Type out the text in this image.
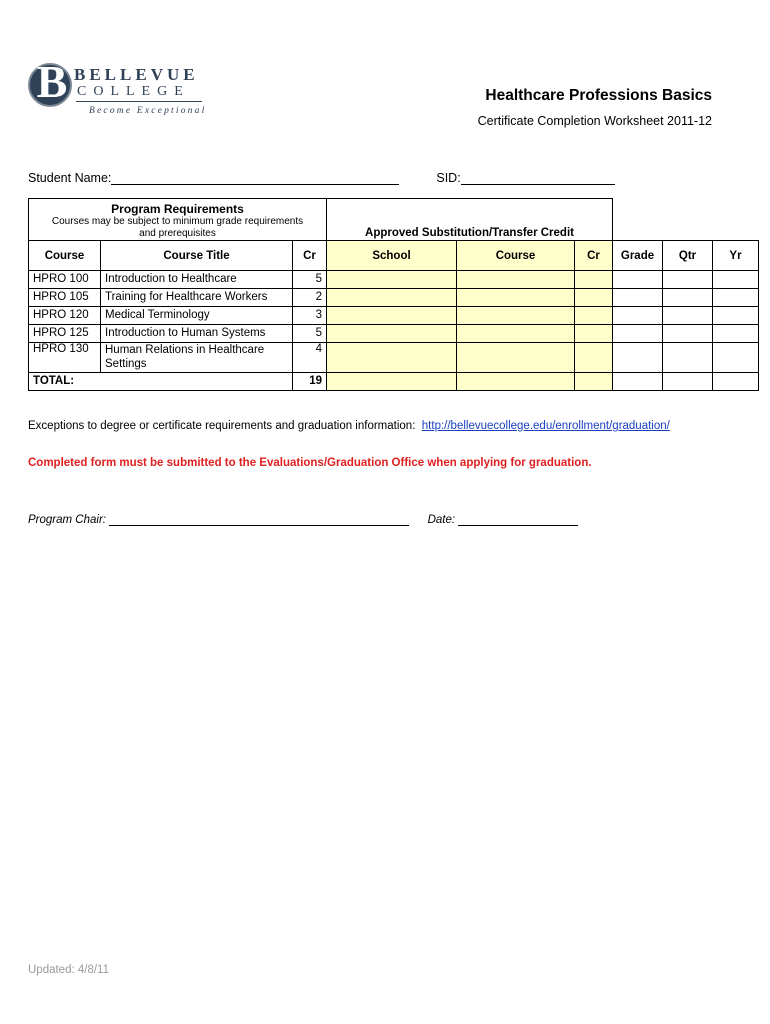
B BELLEVUE
COLLEGE
Become Exceptional
Healthcare Professions Basics
Certificate Completion Worksheet 2011-12
Student Name:	SID:
Program Requirements
Courses may be subject to minimum grade requirements and prerequisites			Approved Substitution/Transfer Credit					
Course	Course Title	Cr	School	Course	Cr	Grade	Qtr	Yr
HPRO 100	Introduction to Healthcare	5						
HPRO 105	Training for Healthcare Workers	2						
HPRO 120	Medical Terminology	3						
HPRO 125	Introduction to Human Systems	5						
HPRO 130	Human Relations in Healthcare Settings	4						
TOTAL:		19						
Exceptions to degree or certificate requirements and graduation information: http://bellevuecollege.edu/enrollment/graduation/
Completed form must be submitted to the Evaluations/Graduation Office when applying for graduation.
Program Chair:	Date:
Updated: 4/8/11
